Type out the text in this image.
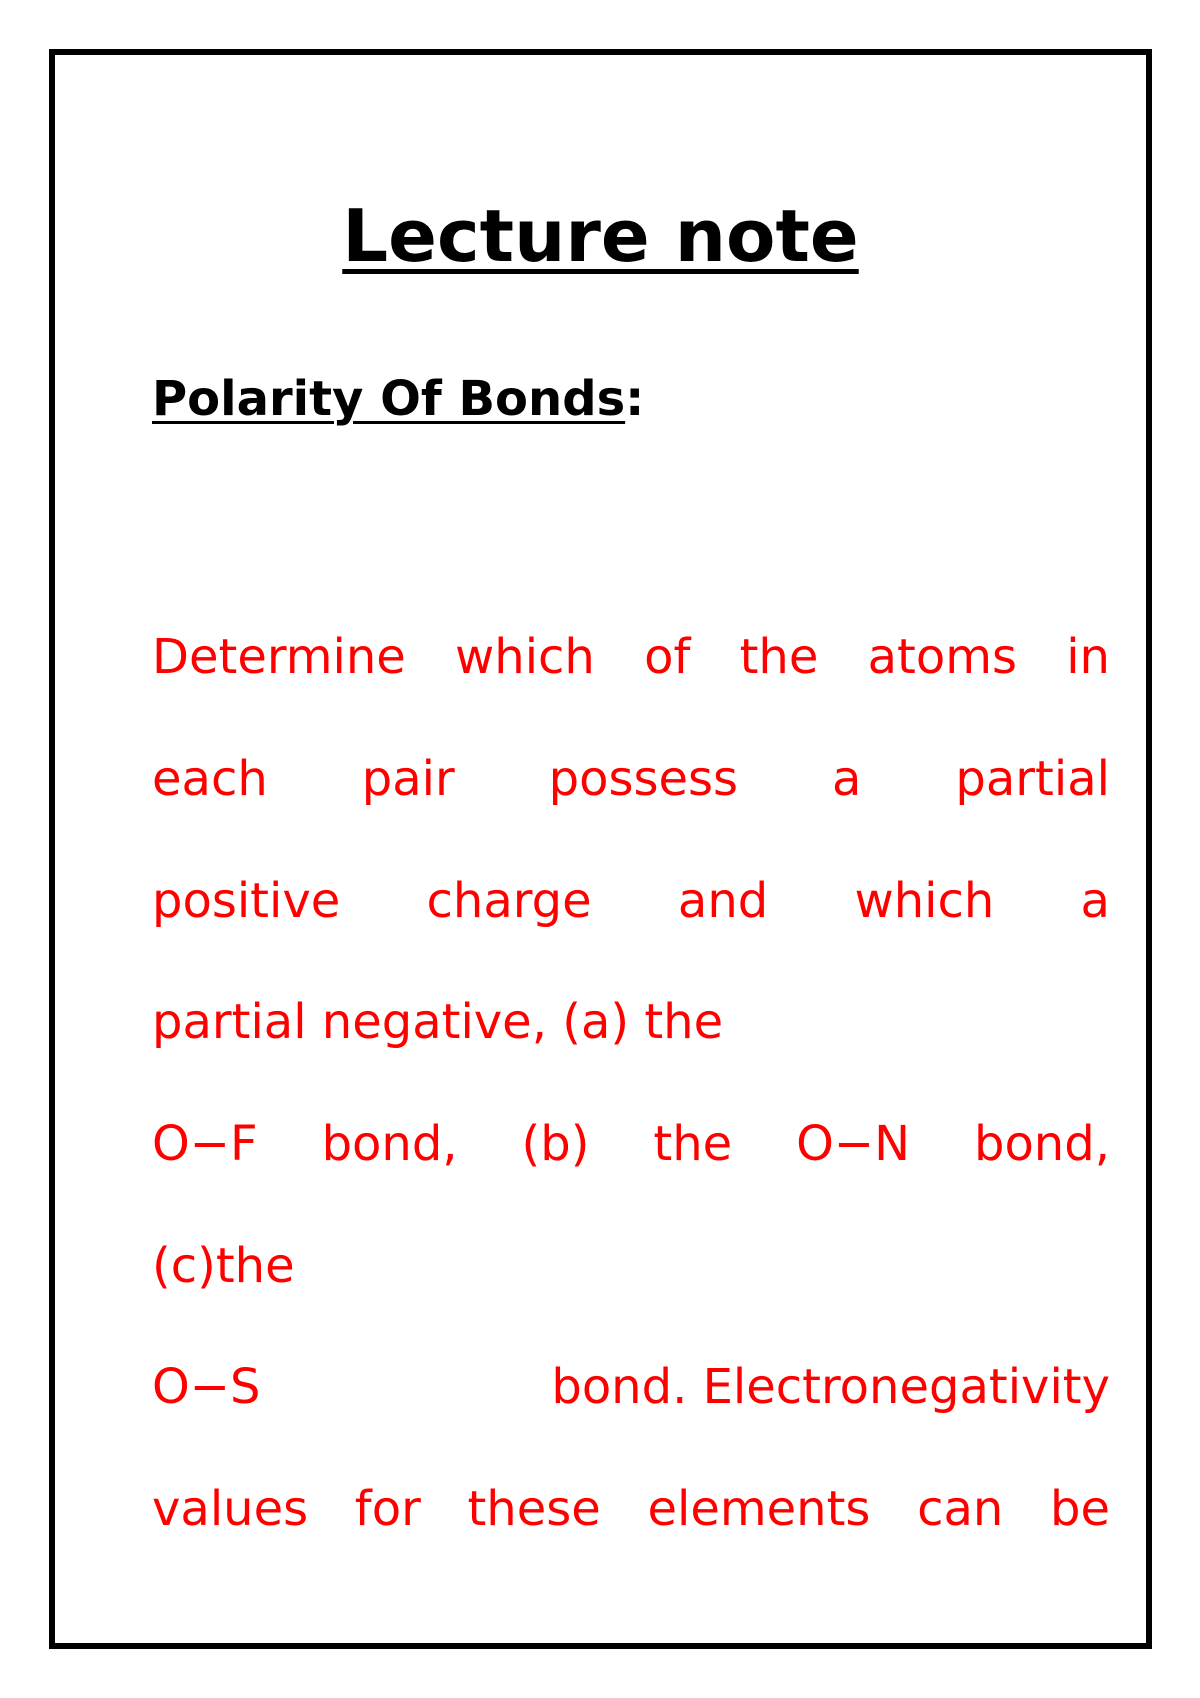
Lecture note
Polarity Of Bonds:
Determine which of the atoms in
each pair possess a partial
positive charge and which a
partial negative, (a) the
O−F bond, (b) the O−N bond,
(c)the
O−S	bond. Electronegativity
values for these elements can be
